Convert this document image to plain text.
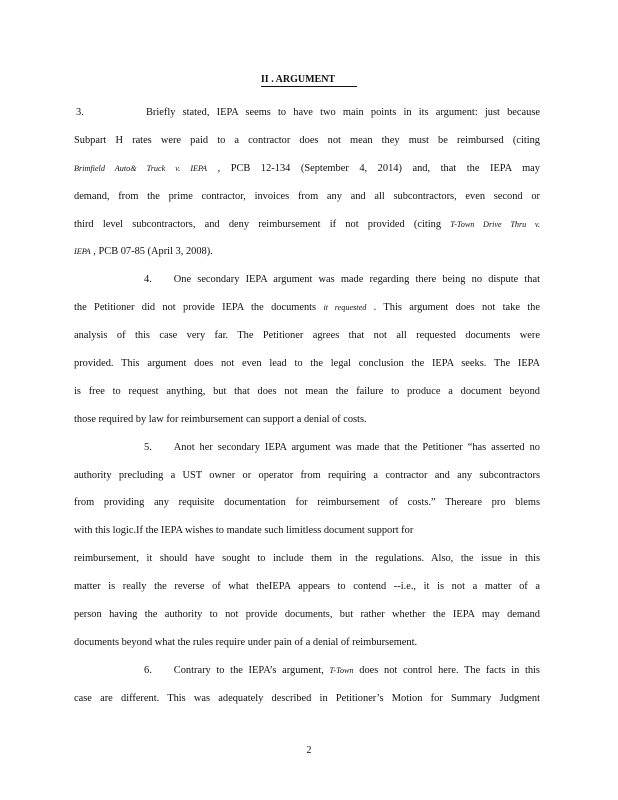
II . ARGUMENT
3.	Briefly stated, IEPA seems to have two main points in its argument: just because
Subpart H rates were paid to a contractor does not mean they must be reimbursed (citing
Brimfield Auto& Truck v. IEPA , PCB 12-134 (September 4, 2014) and, that the IEPA may
demand, from the prime contractor, invoices from any and all subcontractors, even second or
third level subcontractors, and deny reimbursement if not provided (citing T-Town Drive Thru v.
IEPA , PCB 07-85 (April 3, 2008).
4. One secondary IEPA argument was made regarding there being no dispute that
the Petitioner did not provide IEPA the documents it requested . This argument does not take the
analysis of this case very far. The Petitioner agrees that not all requested documents were
provided. This argument does not even lead to the legal conclusion the IEPA seeks. The IEPA
is free to request anything, but that does not mean the failure to produce a document beyond
those required by law for reimbursement can support a denial of costs.
5. Anot her secondary IEPA argument was made that the Petitioner “has asserted no
authority precluding a UST owner or operator from requiring a contractor and any subcontractors
from providing any requisite documentation for reimbursement of costs.” Thereare pro blems
with this logic.If the IEPA wishes to mandate such limitless document support for
reimbursement, it should have sought to include them in the regulations. Also, the issue in this
matter is really the reverse of what theIEPA appears to contend --i.e., it is not a matter of a
person having the authority to not provide documents, but rather whether the IEPA may demand
documents beyond what the rules require under pain of a denial of reimbursement.
6. Contrary to the IEPA’s argument, T-Town does not control here. The facts in this
case are different. This was adequately described in Petitioner’s Motion for Summary Judgment
2
